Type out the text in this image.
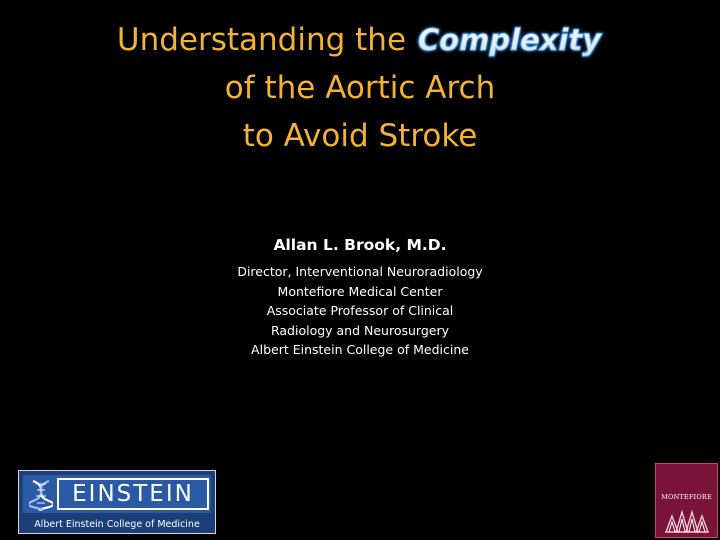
Understanding the Complexity
of the Aortic Arch
to Avoid Stroke
Allan L. Brook, M.D.
Director, Interventional Neuroradiology
Montefiore Medical Center
Associate Professor of Clinical
Radiology and Neurosurgery
Albert Einstein College of Medicine
EINSTEIN
Albert Einstein College of Medicine
MONTEFIORE
